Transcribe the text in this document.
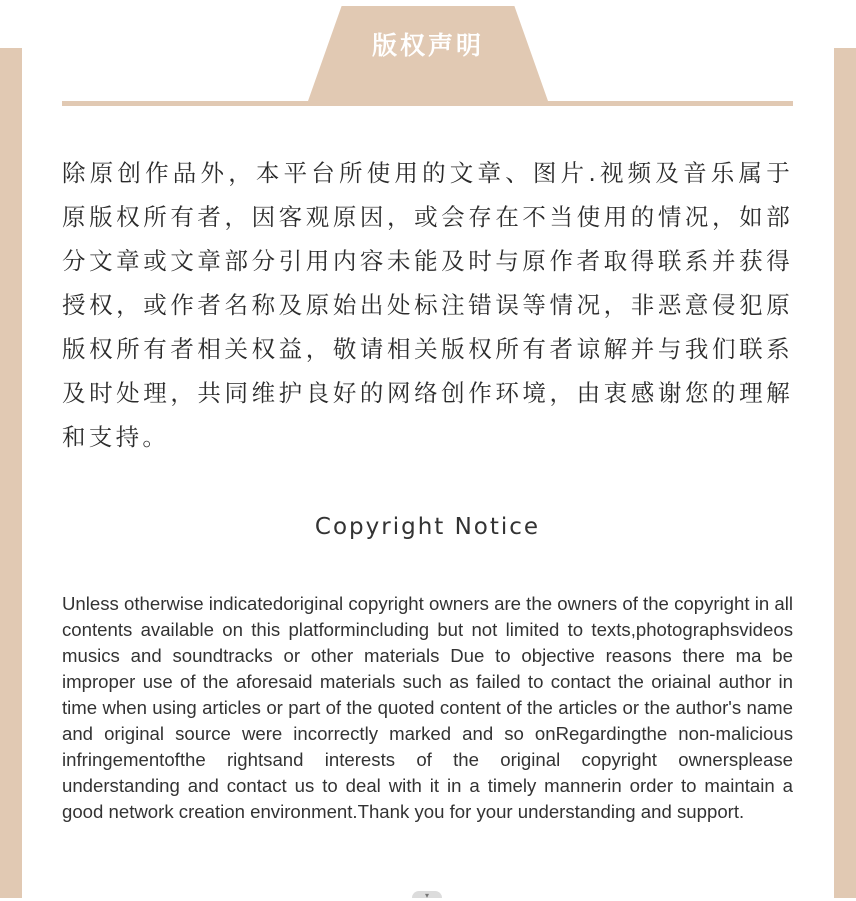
版权声明

除原创作品外，本平台所使用的文章、图片.视频及音乐属于原版权所有者，因客观原因，或会存在不当使用的情况，如部分文章或文章部分引用内容未能及时与原作者取得联系并获得授权，或作者名称及原始出处标注错误等情况，非恶意侵犯原版权所有者相关权益，敬请相关版权所有者谅解并与我们联系及时处理，共同维护良好的网络创作环境，由衷感谢您的理解和支持。

Copyright Notice

Unless otherwise indicatedoriginal copyright owners are the owners of the copyright in all contents available on this platformincluding but not limited to texts,photographsvideos musics and soundtracks or other materials Due to objective reasons there ma be improper use of the aforesaid materials such as failed to contact the oriainal author in time when using articles or part of the quoted content of the articles or the author's name and original source were incorrectly marked and so onRegardingthe non-malicious infringementofthe rightsand interests of the original copyright ownersplease understanding and contact us to deal with it in a timely mannerin order to maintain a good network creation environment.Thank you for your understanding and support.

▾
